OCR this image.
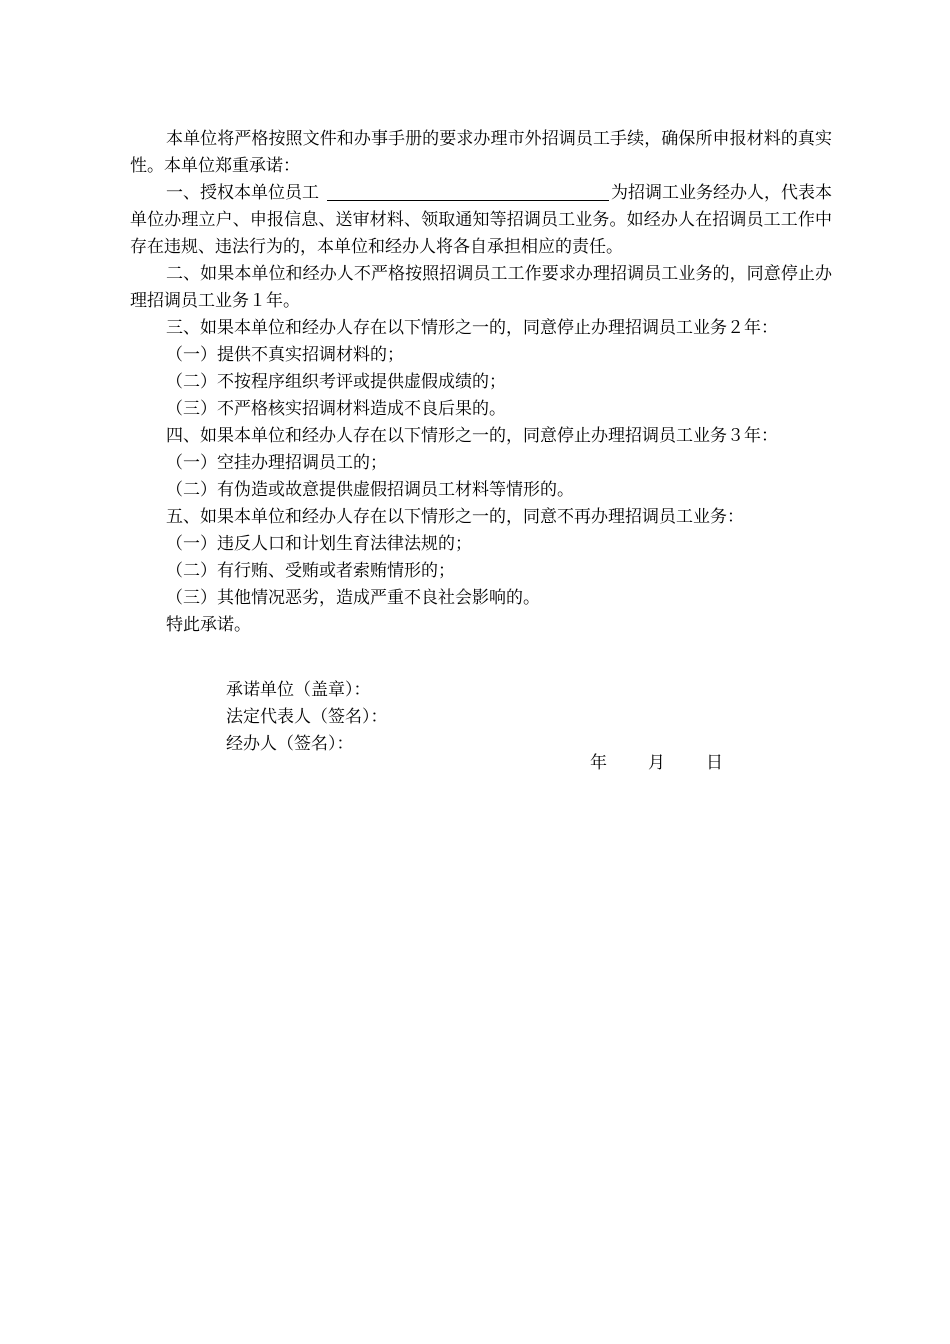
本单位将严格按照文件和办事手册的要求办理市外招调员工手续，确保所申报材料的真实性。本单位郑重承诺：

一、授权本单位员工	为招调工业务经办人，代表本单位办理立户、申报信息、送审材料、领取通知等招调员工业务。如经办人在招调员工工作中存在违规、违法行为的，本单位和经办人将各自承担相应的责任。

二、如果本单位和经办人不严格按照招调员工工作要求办理招调员工业务的，同意停止办理招调员工业务１年。

三、如果本单位和经办人存在以下情形之一的，同意停止办理招调员工业务２年：

（一）提供不真实招调材料的；

（二）不按程序组织考评或提供虚假成绩的；

（三）不严格核实招调材料造成不良后果的。

四、如果本单位和经办人存在以下情形之一的，同意停止办理招调员工业务３年：

（一）空挂办理招调员工的；

（二）有伪造或故意提供虚假招调员工材料等情形的。

五、如果本单位和经办人存在以下情形之一的，同意不再办理招调员工业务：

（一）违反人口和计划生育法律法规的；

（二）有行贿、受贿或者索贿情形的；

（三）其他情况恶劣，造成严重不良社会影响的。

特此承诺。

承诺单位（盖章）：

法定代表人（签名）：

经办人（签名）：

年 月 日
